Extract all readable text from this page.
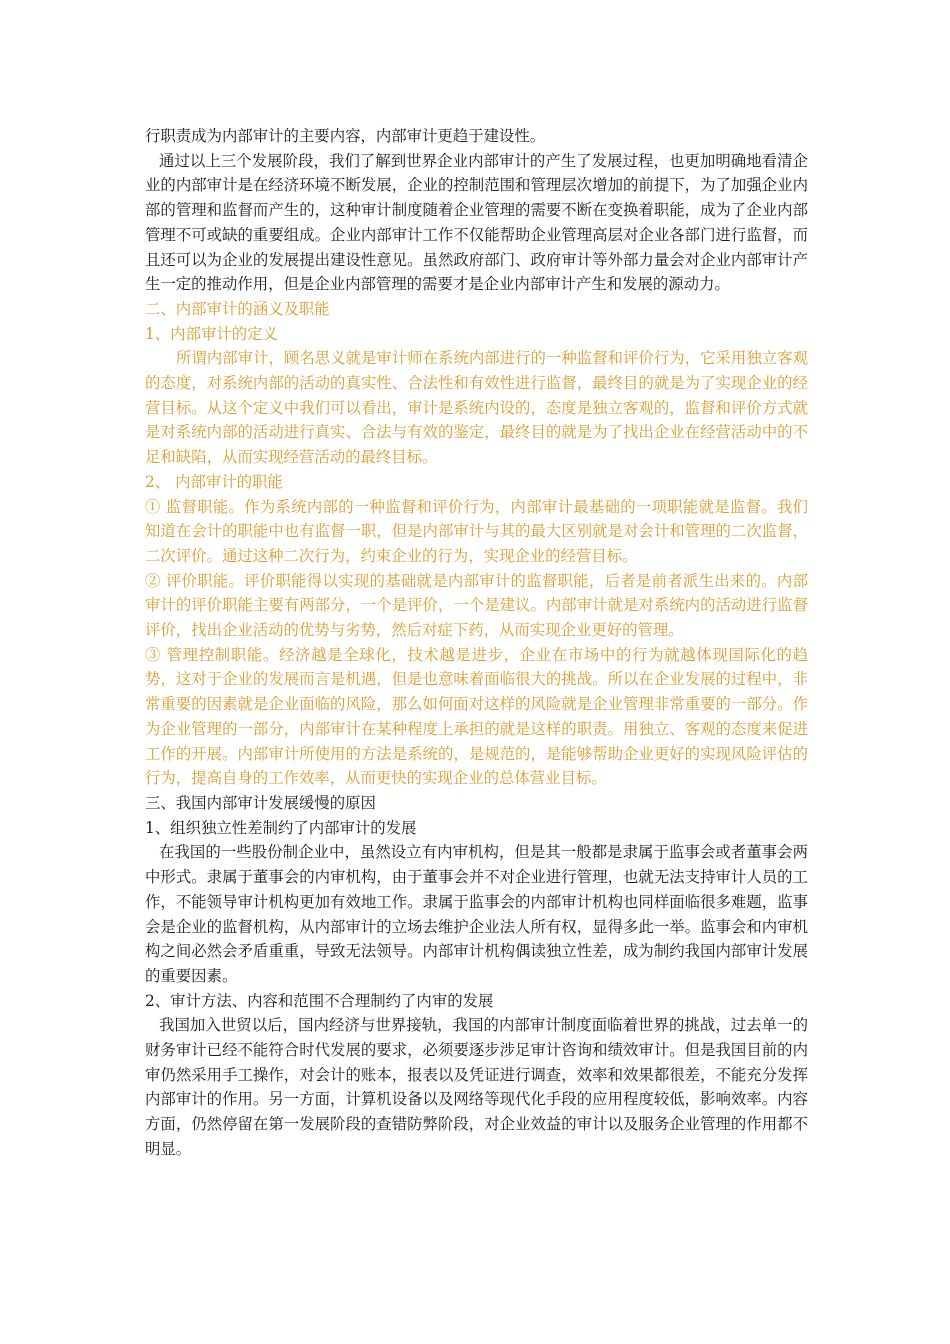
行职责成为内部审计的主要内容，内部审计更趋于建设性。

通过以上三个发展阶段，我们了解到世界企业内部审计的产生了发展过程，也更加明确地看清企业的内部审计是在经济环境不断发展，企业的控制范围和管理层次增加的前提下，为了加强企业内部的管理和监督而产生的，这种审计制度随着企业管理的需要不断在变换着职能，成为了企业内部管理不可或缺的重要组成。企业内部审计工作不仅能帮助企业管理高层对企业各部门进行监督，而且还可以为企业的发展提出建设性意见。虽然政府部门、政府审计等外部力量会对企业内部审计产生一定的推动作用，但是企业内部管理的需要才是企业内部审计产生和发展的源动力。

二、内部审计的涵义及职能

1、内部审计的定义

所谓内部审计，顾名思义就是审计师在系统内部进行的一种监督和评价行为，它采用独立客观的态度，对系统内部的活动的真实性、合法性和有效性进行监督，最终目的就是为了实现企业的经营目标。从这个定义中我们可以看出，审计是系统内设的，态度是独立客观的，监督和评价方式就是对系统内部的活动进行真实、合法与有效的鉴定，最终目的就是为了找出企业在经营活动中的不足和缺陷，从而实现经营活动的最终目标。

2、 内部审计的职能

① 监督职能。作为系统内部的一种监督和评价行为，内部审计最基础的一项职能就是监督。我们知道在会计的职能中也有监督一职，但是内部审计与其的最大区别就是对会计和管理的二次监督，二次评价。通过这种二次行为，约束企业的行为，实现企业的经营目标。

② 评价职能。评价职能得以实现的基础就是内部审计的监督职能，后者是前者派生出来的。内部审计的评价职能主要有两部分，一个是评价，一个是建议。内部审计就是对系统内的活动进行监督评价，找出企业活动的优势与劣势，然后对症下药，从而实现企业更好的管理。

③ 管理控制职能。经济越是全球化，技术越是进步，企业在市场中的行为就越体现国际化的趋势，这对于企业的发展而言是机遇，但是也意味着面临很大的挑战。所以在企业发展的过程中，非常重要的因素就是企业面临的风险，那么如何面对这样的风险就是企业管理非常重要的一部分。作为企业管理的一部分，内部审计在某种程度上承担的就是这样的职责。用独立、客观的态度来促进工作的开展。内部审计所使用的方法是系统的，是规范的，是能够帮助企业更好的实现风险评估的行为，提高自身的工作效率，从而更快的实现企业的总体营业目标。

三、我国内部审计发展缓慢的原因

1、组织独立性差制约了内部审计的发展

在我国的一些股份制企业中，虽然设立有内审机构，但是其一般都是隶属于监事会或者董事会两中形式。隶属于董事会的内审机构，由于董事会并不对企业进行管理，也就无法支持审计人员的工作，不能领导审计机构更加有效地工作。隶属于监事会的内部审计机构也同样面临很多难题，监事会是企业的监督机构，从内部审计的立场去维护企业法人所有权，显得多此一举。监事会和内审机构之间必然会矛盾重重，导致无法领导。内部审计机构偶读独立性差，成为制约我国内部审计发展的重要因素。

2、审计方法、内容和范围不合理制约了内审的发展

我国加入世贸以后，国内经济与世界接轨，我国的内部审计制度面临着世界的挑战，过去单一的财务审计已经不能符合时代发展的要求，必须要逐步涉足审计咨询和绩效审计。但是我国目前的内审仍然采用手工操作，对会计的账本，报表以及凭证进行调查，效率和效果都很差，不能充分发挥内部审计的作用。另一方面，计算机设备以及网络等现代化手段的应用程度较低，影响效率。内容方面，仍然停留在第一发展阶段的查错防弊阶段，对企业效益的审计以及服务企业管理的作用都不明显。
